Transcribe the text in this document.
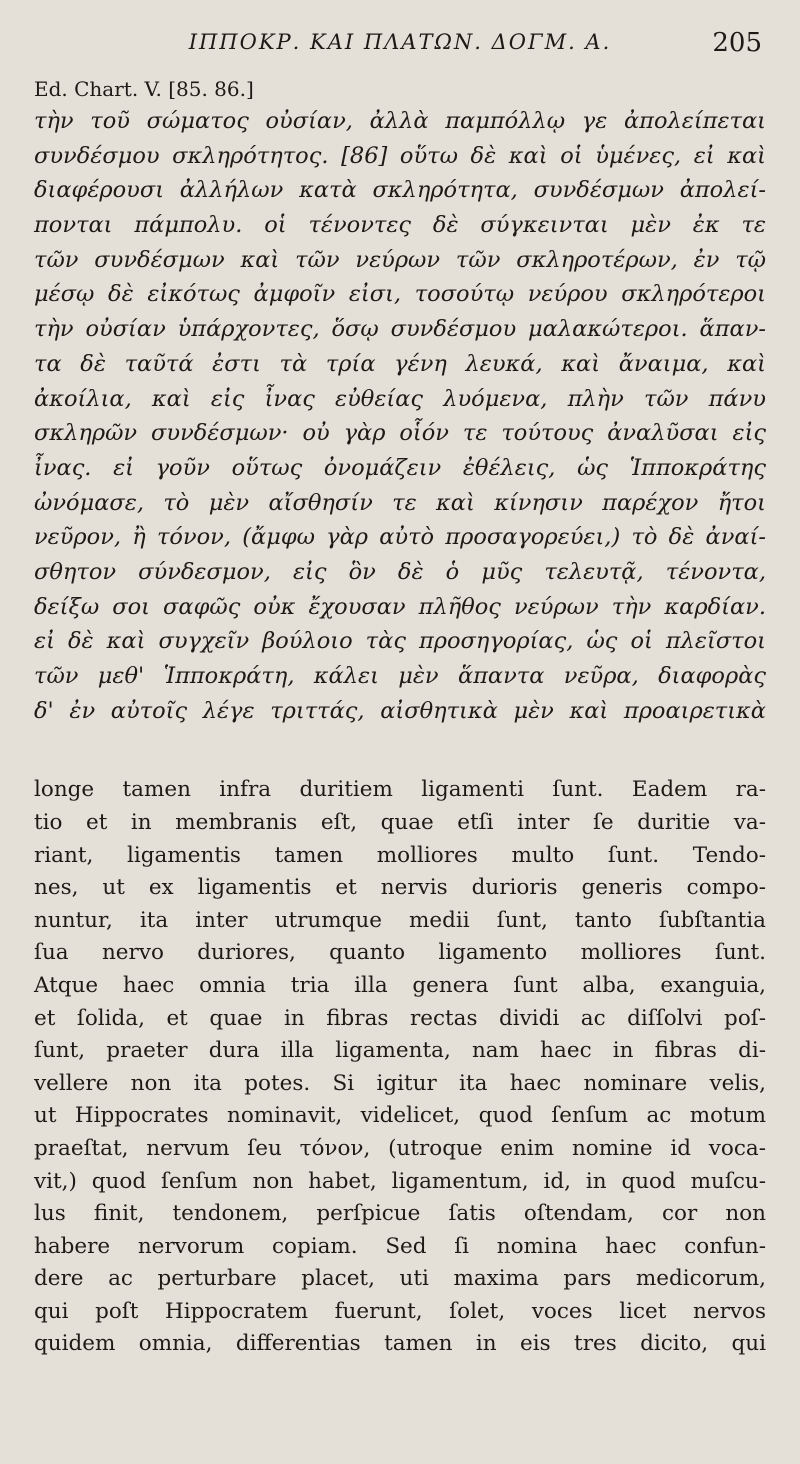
ΙΠΠΟΚΡ. ΚΑΙ ΠΛΑΤΩΝ. ΔΟΓΜ. Α.	205
Ed. Chart. V. [85. 86.]
τὴν τοῦ σώματος οὐσίαν, ἀλλὰ παμπόλλῳ γε ἀπολείπεται
συνδέσμου σκληρότητος. [86] οὕτω δὲ καὶ οἱ ὑμένες, εἰ καὶ
διαφέρουσι ἀλλήλων κατὰ σκληρότητα, συνδέσμων ἀπολεί-
πονται πάμπολυ. οἱ τένοντες δὲ σύγκεινται μὲν ἐκ τε
τῶν συνδέσμων καὶ τῶν νεύρων τῶν σκληροτέρων, ἐν τῷ
μέσῳ δὲ εἰκότως ἀμφοῖν εἰσι, τοσούτῳ νεύρου σκληρότεροι
τὴν οὐσίαν ὑπάρχοντες, ὅσῳ συνδέσμου μαλακώτεροι. ἅπαν-
τα δὲ ταῦτά ἐστι τὰ τρία γένη λευκά, καὶ ἄναιμα, καὶ
ἀκοίλια, καὶ εἰς ἶνας εὐθείας λυόμενα, πλὴν τῶν πάνυ
σκληρῶν συνδέσμων· οὐ γὰρ οἷόν τε τούτους ἀναλῦσαι εἰς
ἶνας. εἰ γοῦν οὕτως ὀνομάζειν ἐθέλεις, ὡς Ἱπποκράτης
ὠνόμασε, τὸ μὲν αἴσθησίν τε καὶ κίνησιν παρέχον ἤτοι
νεῦρον, ἢ τόνον, (ἄμφω γὰρ αὐτὸ προσαγορεύει,) τὸ δὲ ἀναί-
σθητον σύνδεσμον, εἰς ὃν δὲ ὁ μῦς τελευτᾷ, τένοντα,
δείξω σοι σαφῶς οὐκ ἔχουσαν πλῆθος νεύρων τὴν καρδίαν.
εἰ δὲ καὶ συγχεῖν βούλοιο τὰς προσηγορίας, ὡς οἱ πλεῖστοι
τῶν μεθ' Ἱπποκράτη, κάλει μὲν ἅπαντα νεῦρα, διαφορὰς
δ' ἐν αὐτοῖς λέγε τριττάς, αἰσθητικὰ μὲν καὶ προαιρετικὰ
longe tamen infra duritiem ligamenti ſunt. Eadem ra-
tio et in membranis eſt, quae etſi inter ſe duritie va-
riant, ligamentis tamen molliores multo ſunt. Tendo-
nes, ut ex ligamentis et nervis durioris generis compo-
nuntur, ita inter utrumque medii ſunt, tanto ſubſtantia
ſua nervo duriores, quanto ligamento molliores ſunt.
Atque haec omnia tria illa genera ſunt alba, exanguia,
et ſolida, et quae in fibras rectas dividi ac diſſolvi poſ-
ſunt, praeter dura illa ligamenta, nam haec in fibras di-
vellere non ita potes. Si igitur ita haec nominare velis,
ut Hippocrates nominavit, videlicet, quod ſenſum ac motum
praeſtat, nervum ſeu τόνον, (utroque enim nomine id voca-
vit,) quod ſenſum non habet, ligamentum, id, in quod muſcu-
lus finit, tendonem, perſpicue ſatis oſtendam, cor non
habere nervorum copiam. Sed ſi nomina haec confun-
dere ac perturbare placet, uti maxima pars medicorum,
qui poſt Hippocratem fuerunt, ſolet, voces licet nervos
quidem omnia, differentias tamen in eis tres dicito, qui
